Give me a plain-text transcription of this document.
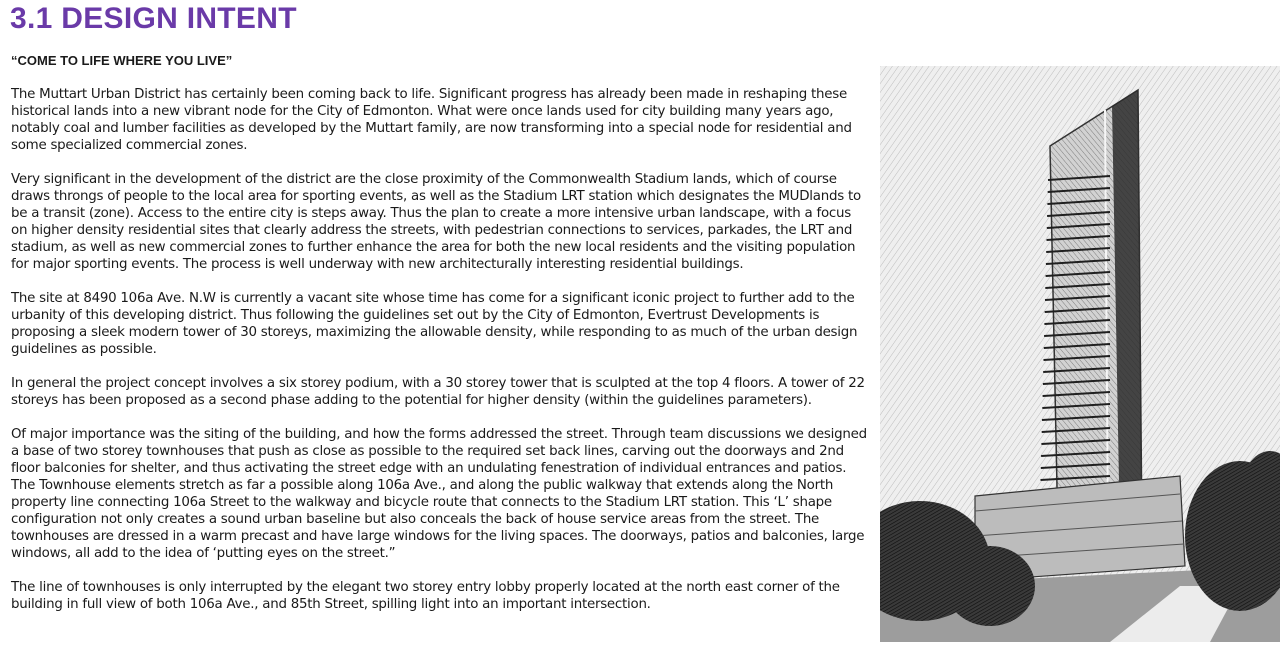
3.1 DESIGN INTENT
“COME TO LIFE WHERE YOU LIVE”

The Muttart Urban District has certainly been coming back to life. Significant progress has already been made in reshaping these historical lands into a new vibrant node for the City of Edmonton. What were once lands used for city building many years ago, notably coal and lumber facilities as developed by the Muttart family, are now transforming into a special node for residential and some specialized commercial zones.

Very significant in the development of the district are the close proximity of the Commonwealth Stadium lands, which of course draws throngs of people to the local area for sporting events, as well as the Stadium LRT station which designates the MUDlands to be a transit (zone). Access to the entire city is steps away. Thus the plan to create a more intensive urban landscape, with a focus on higher density residential sites that clearly address the streets, with pedestrian connections to services, parkades, the LRT and stadium, as well as new commercial zones to further enhance the area for both the new local residents and the visiting population for major sporting events. The process is well underway with new architecturally interesting residential buildings.

The site at 8490 106a Ave. N.W is currently a vacant site whose time has come for a significant iconic project to further add to the urbanity of this developing district. Thus following the guidelines set out by the City of Edmonton, Evertrust Developments is proposing a sleek modern tower of 30 storeys, maximizing the allowable density, while responding to as much of the urban design guidelines as possible.

In general the project concept involves a six storey podium, with a 30 storey tower that is sculpted at the top 4 floors. A tower of 22 storeys has been proposed as a second phase adding to the potential for higher density (within the guidelines parameters).

Of major importance was the siting of the building, and how the forms addressed the street. Through team discussions we designed a base of two storey townhouses that push as close as possible to the required set back lines, carving out the doorways and 2nd floor balconies for shelter, and thus activating the street edge with an undulating fenestration of individual entrances and patios. The Townhouse elements stretch as far a possible along 106a Ave., and along the public walkway that extends along the North property line connecting 106a Street to the walkway and bicycle route that connects to the Stadium LRT station. This ‘L’ shape configuration not only creates a sound urban baseline but also conceals the back of house service areas from the street. The townhouses are dressed in a warm precast and have large windows for the living spaces. The doorways, patios and balconies, large windows, all add to the idea of ‘putting eyes on the street.”

The line of townhouses is only interrupted by the elegant two storey entry lobby properly located at the north east corner of the building in full view of both 106a Ave., and 85th Street, spilling light into an important intersection.
